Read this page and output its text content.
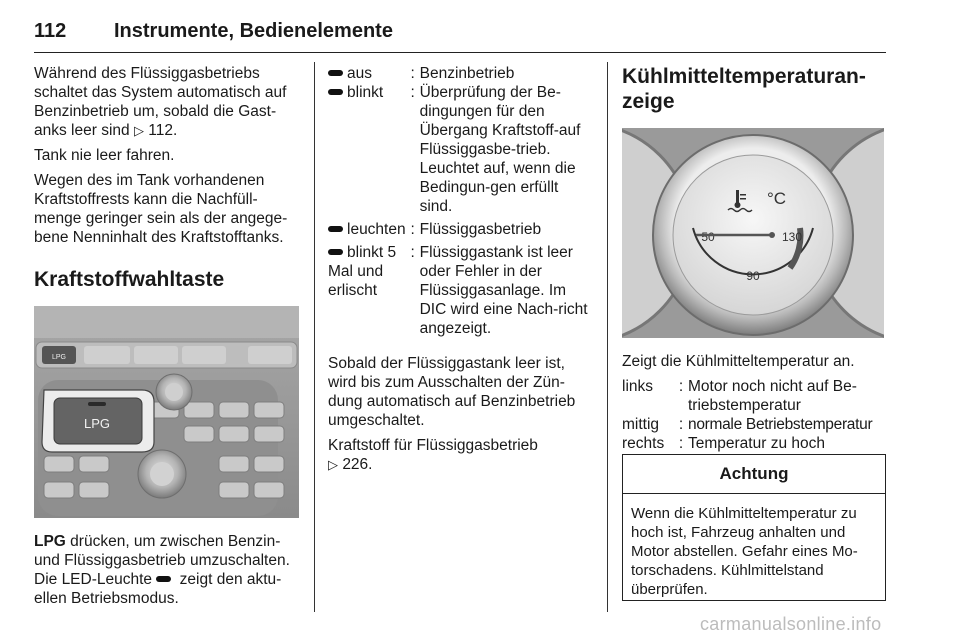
112 Instrumente, Bedienelemente

Während des Flüssiggasbetriebs schaltet das System automatisch auf Benzinbetrieb um, sobald die Gast-anks leer sind ▷ 112.

Tank nie leer fahren.

Wegen des im Tank vorhandenen Kraftstoffrests kann die Nachfüll-menge geringer sein als der angege-bene Nenninhalt des Kraftstofftanks.

Kraftstoffwahltaste
LPG
LPG

LPG drücken, um zwischen Benzin- und Flüssiggasbetrieb umzuschalten. Die LED-Leuchte  zeigt den aktu-ellen Betriebsmodus.

aus	:	Benzinbetrieb
blinkt	:	Überprüfung der Be-dingungen für den Übergang Kraftstoff-auf Flüssiggasbe-trieb. Leuchtet auf, wenn die Bedingun-gen erfüllt sind.
leuchten	:	Flüssiggasbetrieb
blinkt 5
Mal und erlischt	:	Flüssiggastank ist leer oder Fehler in der Flüssiggasanlage. Im DIC wird eine Nach-richt angezeigt.

Sobald der Flüssiggastank leer ist, wird bis zum Ausschalten der Zün-dung automatisch auf Benzinbetrieb umgeschaltet.

Kraftstoff für Flüssiggasbetrieb
▷ 226.

Kühlmitteltemperaturan-zeige
°C
50	130
90

Zeigt die Kühlmitteltemperatur an.

links	:	Motor noch nicht auf Be-triebstemperatur
mittig	:	normale Betriebstemperatur
rechts	:	Temperatur zu hoch
Achtung
Wenn die Kühlmitteltemperatur zu hoch ist, Fahrzeug anhalten und Motor abstellen. Gefahr eines Mo-torschadens. Kühlmittelstand überprüfen.
carmanualsonline.info
